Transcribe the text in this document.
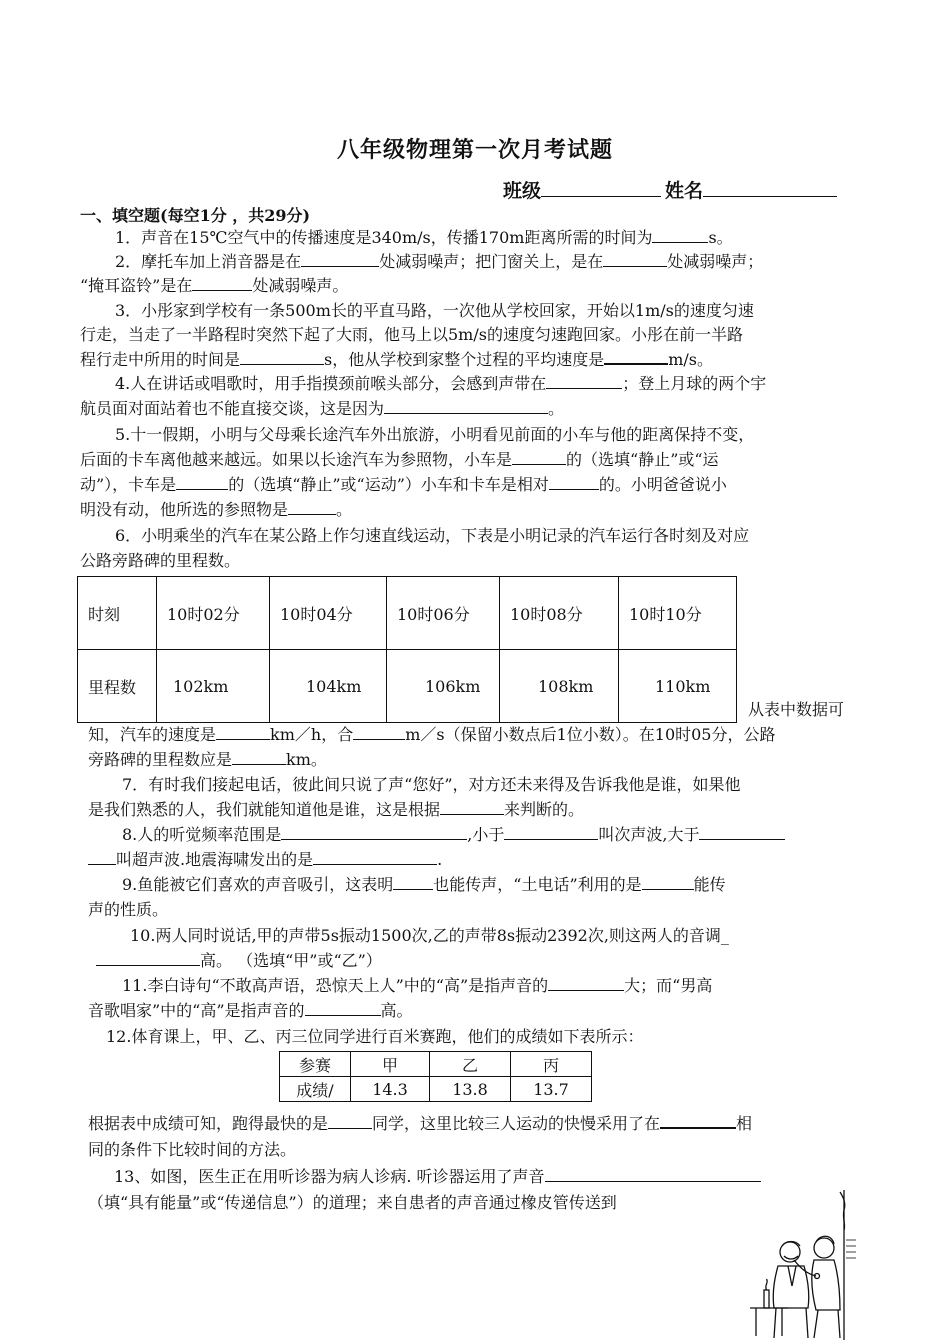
八年级物理第一次月考试题
班级	姓名
一、填空题(每空1分 ，共29分)
1．声音在15℃空气中的传播速度是340m/s，传播170m距离所需的时间为	s。
2．摩托车加上消音器是在	处减弱噪声；把门窗关上，是在	处减弱噪声；
“掩耳盗铃”是在	处减弱噪声。
3．小彤家到学校有一条500m长的平直马路，一次他从学校回家，开始以1m/s的速度匀速
行走，当走了一半路程时突然下起了大雨，他马上以5m/s的速度匀速跑回家。小彤在前一半路
程行走中所用的时间是	s，他从学校到家整个过程的平均速度是	m/s。
4.人在讲话或唱歌时，用手指摸颈前喉头部分，会感到声带在	；登上月球的两个宇
航员面对面站着也不能直接交谈，这是因为	。
5.十一假期，小明与父母乘长途汽车外出旅游，小明看见前面的小车与他的距离保持不变，
后面的卡车离他越来越远。如果以长途汽车为参照物，小车是	的（选填“静止”或“运
动”），卡车是	的（选填“静止”或“运动”）小车和卡车是相对	的。小明爸爸说小
明没有动，他所选的参照物是	。
6．小明乘坐的汽车在某公路上作匀速直线运动，下表是小明记录的汽车运行各时刻及对应
公路旁路碑的里程数。
时刻	10时02分	10时04分	10时06分	10时08分	10时10分
里程数	102km	104km	106km	108km	110km
从表中数据可
知，汽车的速度是	km／h，合	m／s（保留小数点后1位小数）。在10时05分，公路
旁路碑的里程数应是	km。
7．有时我们接起电话，彼此间只说了声“您好”，对方还未来得及告诉我他是谁，如果他
是我们熟悉的人，我们就能知道他是谁，这是根据	来判断的。
8.人的听觉频率范围是	,小于	叫次声波,大于
叫超声波.地震海啸发出的是	.
9.鱼能被它们喜欢的声音吸引，这表明	也能传声，“土电话”利用的是	能传
声的性质。
10.两人同时说话,甲的声带5s振动1500次,乙的声带8s振动2392次,则这两人的音调_
高。 （选填“甲”或“乙”）
11.李白诗句“不敢高声语，恐惊天上人”中的“高”是指声音的	大；而“男高
音歌唱家”中的“高”是指声音的	高。
12.体育课上，甲、乙、丙三位同学进行百米赛跑，他们的成绩如下表所示：
参赛	甲	乙	丙
成绩/	14.3	13.8	13.7
根据表中成绩可知，跑得最快的是	同学，这里比较三人运动的快慢采用了在	相
同的条件下比较时间的方法。
13、如图，医生正在用听诊器为病人诊病. 听诊器运用了声音
（填“具有能量”或“传递信息”）的道理；来自患者的声音通过橡皮管传送到
